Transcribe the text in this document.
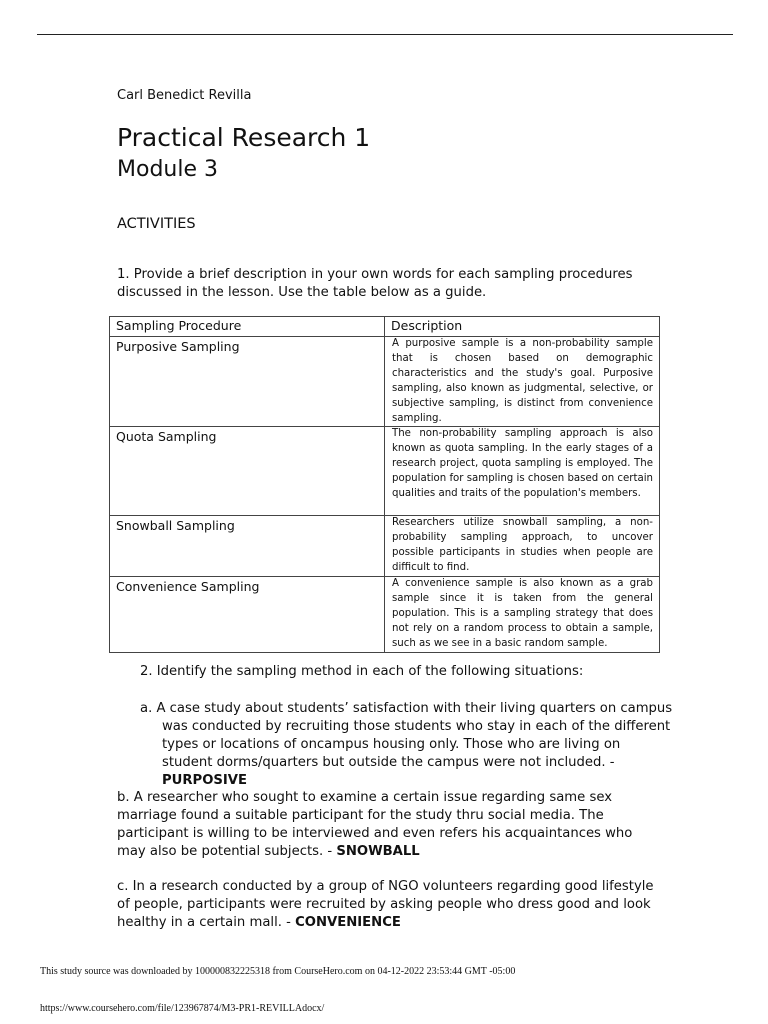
Carl Benedict Revilla
Practical Research 1
Module 3
ACTIVITIES
1. Provide a brief description in your own words for each sampling procedures discussed in the lesson. Use the table below as a guide.
Sampling Procedure	Description
Purposive Sampling	A purposive sample is a non-probability sample that is chosen based on demographic characteristics and the study's goal. Purposive sampling, also known as judgmental, selective, or subjective sampling, is distinct from convenience sampling.
Quota Sampling	The non-probability sampling approach is also known as quota sampling. In the early stages of a research project, quota sampling is employed. The population for sampling is chosen based on certain qualities and traits of the population's members.
Snowball Sampling	Researchers utilize snowball sampling, a non-probability sampling approach, to uncover possible participants in studies when people are difficult to find.
Convenience Sampling	A convenience sample is also known as a grab sample since it is taken from the general population. This is a sampling strategy that does not rely on a random process to obtain a sample, such as we see in a basic random sample.
2. Identify the sampling method in each of the following situations:
a. A case study about students’ satisfaction with their living quarters on campus was conducted by recruiting those students who stay in each of the different types or locations of oncampus housing only. Those who are living on student dorms/quarters but outside the campus were not included. - PURPOSIVE
b. A researcher who sought to examine a certain issue regarding same sex marriage found a suitable participant for the study thru social media. The participant is willing to be interviewed and even refers his acquaintances who may also be potential subjects. - SNOWBALL
c. In a research conducted by a group of NGO volunteers regarding good lifestyle of people, participants were recruited by asking people who dress good and look healthy in a certain mall. - CONVENIENCE
This study source was downloaded by 100000832225318 from CourseHero.com on 04-12-2022 23:53:44 GMT -05:00
https://www.coursehero.com/file/123967874/M3-PR1-REVILLAdocx/
